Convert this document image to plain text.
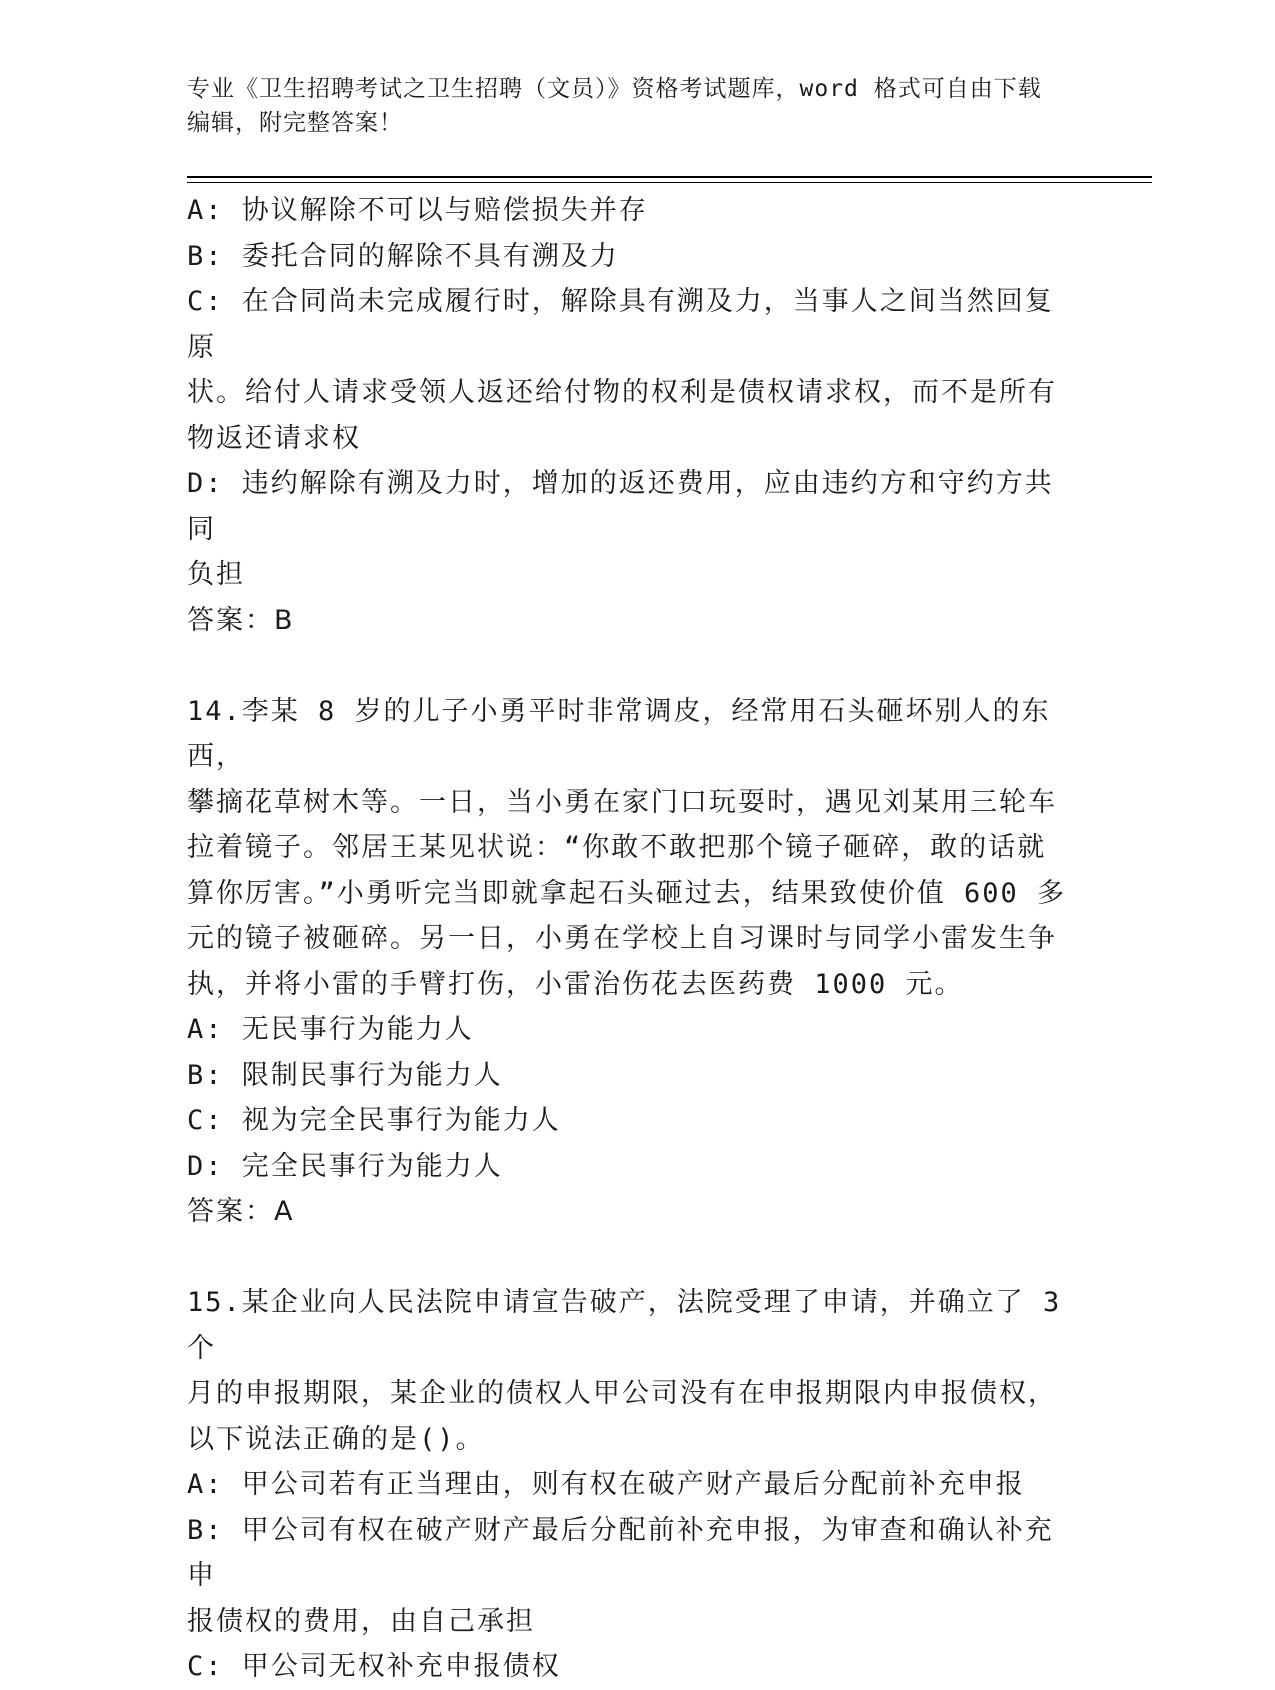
专业《卫生招聘考试之卫生招聘（文员）》资格考试题库，word 格式可自由下载
编辑，附完整答案！
A: 协议解除不可以与赔偿损失并存
B: 委托合同的解除不具有溯及力
C: 在合同尚未完成履行时，解除具有溯及力，当事人之间当然回复原
状。给付人请求受领人返还给付物的权利是债权请求权，而不是所有
物返还请求权
D: 违约解除有溯及力时，增加的返还费用，应由违约方和守约方共同
负担
答案：B
14.李某 8 岁的儿子小勇平时非常调皮，经常用石头砸坏别人的东西，
攀摘花草树木等。一日，当小勇在家门口玩耍时，遇见刘某用三轮车
拉着镜子。邻居王某见状说：“你敢不敢把那个镜子砸碎，敢的话就
算你厉害。”小勇听完当即就拿起石头砸过去，结果致使价值 600 多
元的镜子被砸碎。另一日，小勇在学校上自习课时与同学小雷发生争
执，并将小雷的手臂打伤，小雷治伤花去医药费 1000 元。
A: 无民事行为能力人
B: 限制民事行为能力人
C: 视为完全民事行为能力人
D: 完全民事行为能力人
答案：A
15.某企业向人民法院申请宣告破产，法院受理了申请，并确立了 3 个
月的申报期限，某企业的债权人甲公司没有在申报期限内申报债权，
以下说法正确的是()。
A: 甲公司若有正当理由，则有权在破产财产最后分配前补充申报
B: 甲公司有权在破产财产最后分配前补充申报，为审查和确认补充申
报债权的费用，由自己承担
C: 甲公司无权补充申报债权
